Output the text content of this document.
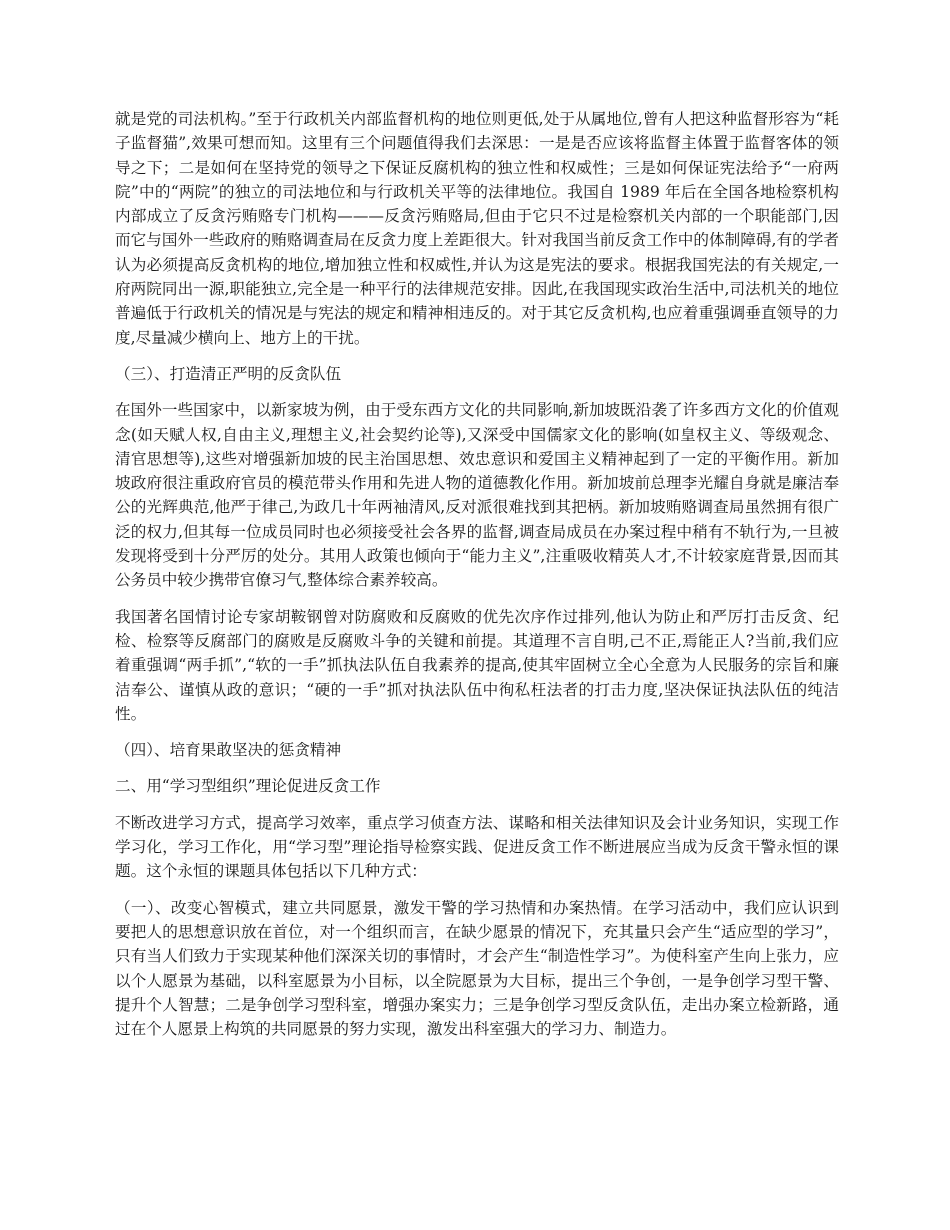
就是党的司法机构。”至于行政机关内部监督机构的地位则更低,处于从属地位,曾有人把这种监督形容为“耗子监督猫”,效果可想而知。这里有三个问题值得我们去深思：一是是否应该将监督主体置于监督客体的领导之下；二是如何在坚持党的领导之下保证反腐机构的独立性和权威性；三是如何保证宪法给予“一府两院”中的“两院”的独立的司法地位和与行政机关平等的法律地位。我国自 1989 年后在全国各地检察机构内部成立了反贪污贿赂专门机构———反贪污贿赂局,但由于它只不过是检察机关内部的一个职能部门,因而它与国外一些政府的贿赂调查局在反贪力度上差距很大。针对我国当前反贪工作中的体制障碍,有的学者认为必须提高反贪机构的地位,增加独立性和权威性,并认为这是宪法的要求。根据我国宪法的有关规定,一府两院同出一源,职能独立,完全是一种平行的法律规范安排。因此,在我国现实政治生活中,司法机关的地位普遍低于行政机关的情况是与宪法的规定和精神相违反的。对于其它反贪机构,也应着重强调垂直领导的力度,尽量减少横向上、地方上的干扰。

（三）、打造清正严明的反贪队伍

在国外一些国家中，以新家坡为例，由于受东西方文化的共同影响,新加坡既沿袭了许多西方文化的价值观念(如天赋人权,自由主义,理想主义,社会契约论等),又深受中国儒家文化的影响(如皇权主义、等级观念、清官思想等),这些对增强新加坡的民主治国思想、效忠意识和爱国主义精神起到了一定的平衡作用。新加坡政府很注重政府官员的模范带头作用和先进人物的道德教化作用。新加坡前总理李光耀自身就是廉洁奉公的光辉典范,他严于律己,为政几十年两袖清风,反对派很难找到其把柄。新加坡贿赂调查局虽然拥有很广泛的权力,但其每一位成员同时也必须接受社会各界的监督,调查局成员在办案过程中稍有不轨行为,一旦被发现将受到十分严厉的处分。其用人政策也倾向于“能力主义”,注重吸收精英人才,不计较家庭背景,因而其公务员中较少携带官僚习气,整体综合素养较高。

我国著名国情讨论专家胡鞍钢曾对防腐败和反腐败的优先次序作过排列,他认为防止和严厉打击反贪、纪检、检察等反腐部门的腐败是反腐败斗争的关键和前提。其道理不言自明,己不正,焉能正人?当前,我们应着重强调“两手抓”,“软的一手”抓执法队伍自我素养的提高,使其牢固树立全心全意为人民服务的宗旨和廉洁奉公、谨慎从政的意识；“硬的一手”抓对执法队伍中徇私枉法者的打击力度,坚决保证执法队伍的纯洁性。

（四）、培育果敢坚决的惩贪精神

二、用“学习型组织”理论促进反贪工作

不断改进学习方式，提高学习效率，重点学习侦查方法、谋略和相关法律知识及会计业务知识，实现工作学习化，学习工作化，用“学习型”理论指导检察实践、促进反贪工作不断进展应当成为反贪干警永恒的课题。这个永恒的课题具体包括以下几种方式：

（一）、改变心智模式，建立共同愿景，激发干警的学习热情和办案热情。在学习活动中，我们应认识到要把人的思想意识放在首位，对一个组织而言，在缺少愿景的情况下，充其量只会产生“适应型的学习”，只有当人们致力于实现某种他们深深关切的事情时，才会产生“制造性学习”。为使科室产生向上张力，应以个人愿景为基础，以科室愿景为小目标，以全院愿景为大目标，提出三个争创，一是争创学习型干警、提升个人智慧；二是争创学习型科室，增强办案实力；三是争创学习型反贪队伍，走出办案立检新路，通过在个人愿景上构筑的共同愿景的努力实现，激发出科室强大的学习力、制造力。
